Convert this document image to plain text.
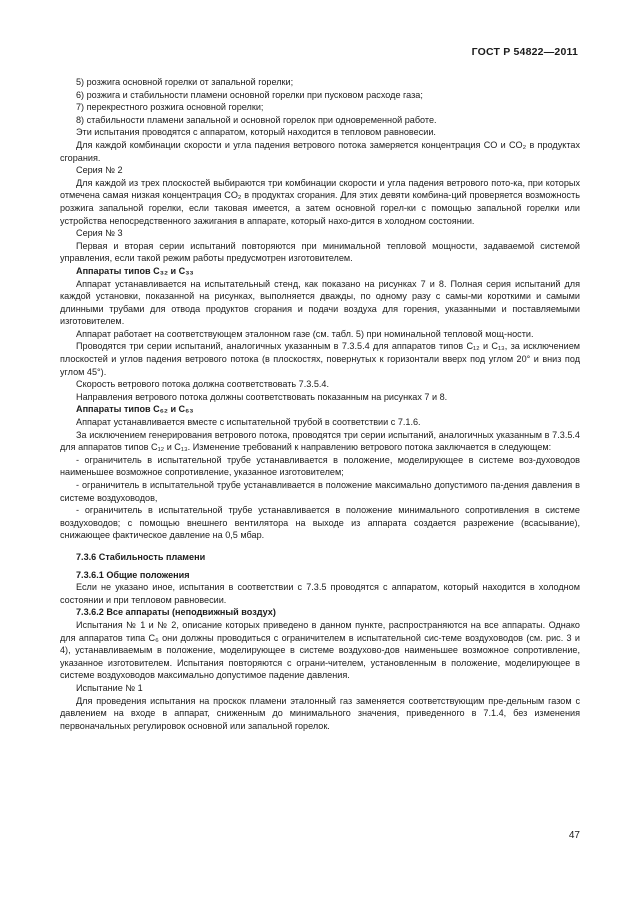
ГОСТ Р 54822—2011

5) розжига основной горелки от запальной горелки;

6) розжига и стабильности пламени основной горелки при пусковом расходе газа;

7) перекрестного розжига основной горелки;

8) стабильности пламени запальной и основной горелок при одновременной работе.

Эти испытания проводятся с аппаратом, который находится в тепловом равновесии.

Для каждой комбинации скорости и угла падения ветрового потока замеряется концентрация CO и CO₂ в продуктах сгорания.

Серия № 2

Для каждой из трех плоскостей выбираются три комбинации скорости и угла падения ветрового пото-ка, при которых отмечена самая низкая концентрация CO₂ в продуктах сгорания. Для этих девяти комбина-ций проверяется возможность розжига запальной горелки, если таковая имеется, а затем основной горел-ки с помощью запальной горелки или устройства непосредственного зажигания в аппарате, который нахо-дится в холодном состоянии.

Серия № 3

Первая и вторая серии испытаний повторяются при минимальной тепловой мощности, задаваемой системой управления, если такой режим работы предусмотрен изготовителем.

Аппараты типов C₃₂ и C₃₃

Аппарат устанавливается на испытательный стенд, как показано на рисунках 7 и 8. Полная серия испытаний для каждой установки, показанной на рисунках, выполняется дважды, по одному разу с самы-ми короткими и самыми длинными трубами для отвода продуктов сгорания и подачи воздуха для горения, указанными и поставляемыми изготовителем.

Аппарат работает на соответствующем эталонном газе (см. табл. 5) при номинальной тепловой мощ-ности.

Проводятся три серии испытаний, аналогичных указанным в 7.3.5.4 для аппаратов типов C₁₂ и C₁₃, за исключением плоскостей и углов падения ветрового потока (в плоскостях, повернутых к горизонтали вверх под углом 20° и вниз под углом 45°).

Скорость ветрового потока должна соответствовать 7.3.5.4.

Направления ветрового потока должны соответствовать показанным на рисунках 7 и 8.

Аппараты типов C₆₂ и C₆₃

Аппарат устанавливается вместе с испытательной трубой в соответствии с 7.1.6.

За исключением генерирования ветрового потока, проводятся три серии испытаний, аналогичных указанным в 7.3.5.4 для аппаратов типов C₁₂ и C₁₃. Изменение требований к направлению ветрового потока заключается в следующем:

- ограничитель в испытательной трубе устанавливается в положение, моделирующее в системе воз-духоводов наименьшее возможное сопротивление, указанное изготовителем;

- ограничитель в испытательной трубе устанавливается в положение максимально допустимого па-дения давления в системе воздуховодов,

- ограничитель в испытательной трубе устанавливается в положение минимального сопротивления в системе воздуховодов; с помощью внешнего вентилятора на выходе из аппарата создается разрежение (всасывание), снижающее фактическое давление на 0,5 мбар.

7.3.6 Стабильность пламени

7.3.6.1 Общие положения

Если не указано иное, испытания в соответствии с 7.3.5 проводятся с аппаратом, который находится в холодном состоянии и при тепловом равновесии.

7.3.6.2 Все аппараты (неподвижный воздух)

Испытания № 1 и № 2, описание которых приведено в данном пункте, распространяются на все аппараты. Однако для аппаратов типа C₆ они должны проводиться с ограничителем в испытательной сис-теме воздуховодов (см. рис. 3 и 4), устанавливаемым в положение, моделирующее в системе воздухово-дов наименьшее возможное сопротивление, указанное изготовителем. Испытания повторяются с ограни-чителем, установленным в положение, моделирующее в системе воздуховодов максимально допустимое падение давления.

Испытание № 1

Для проведения испытания на проскок пламени эталонный газ заменяется соответствующим пре-дельным газом с давлением на входе в аппарат, сниженным до минимального значения, приведенного в 7.1.4, без изменения первоначальных регулировок основной или запальной горелок.

47
